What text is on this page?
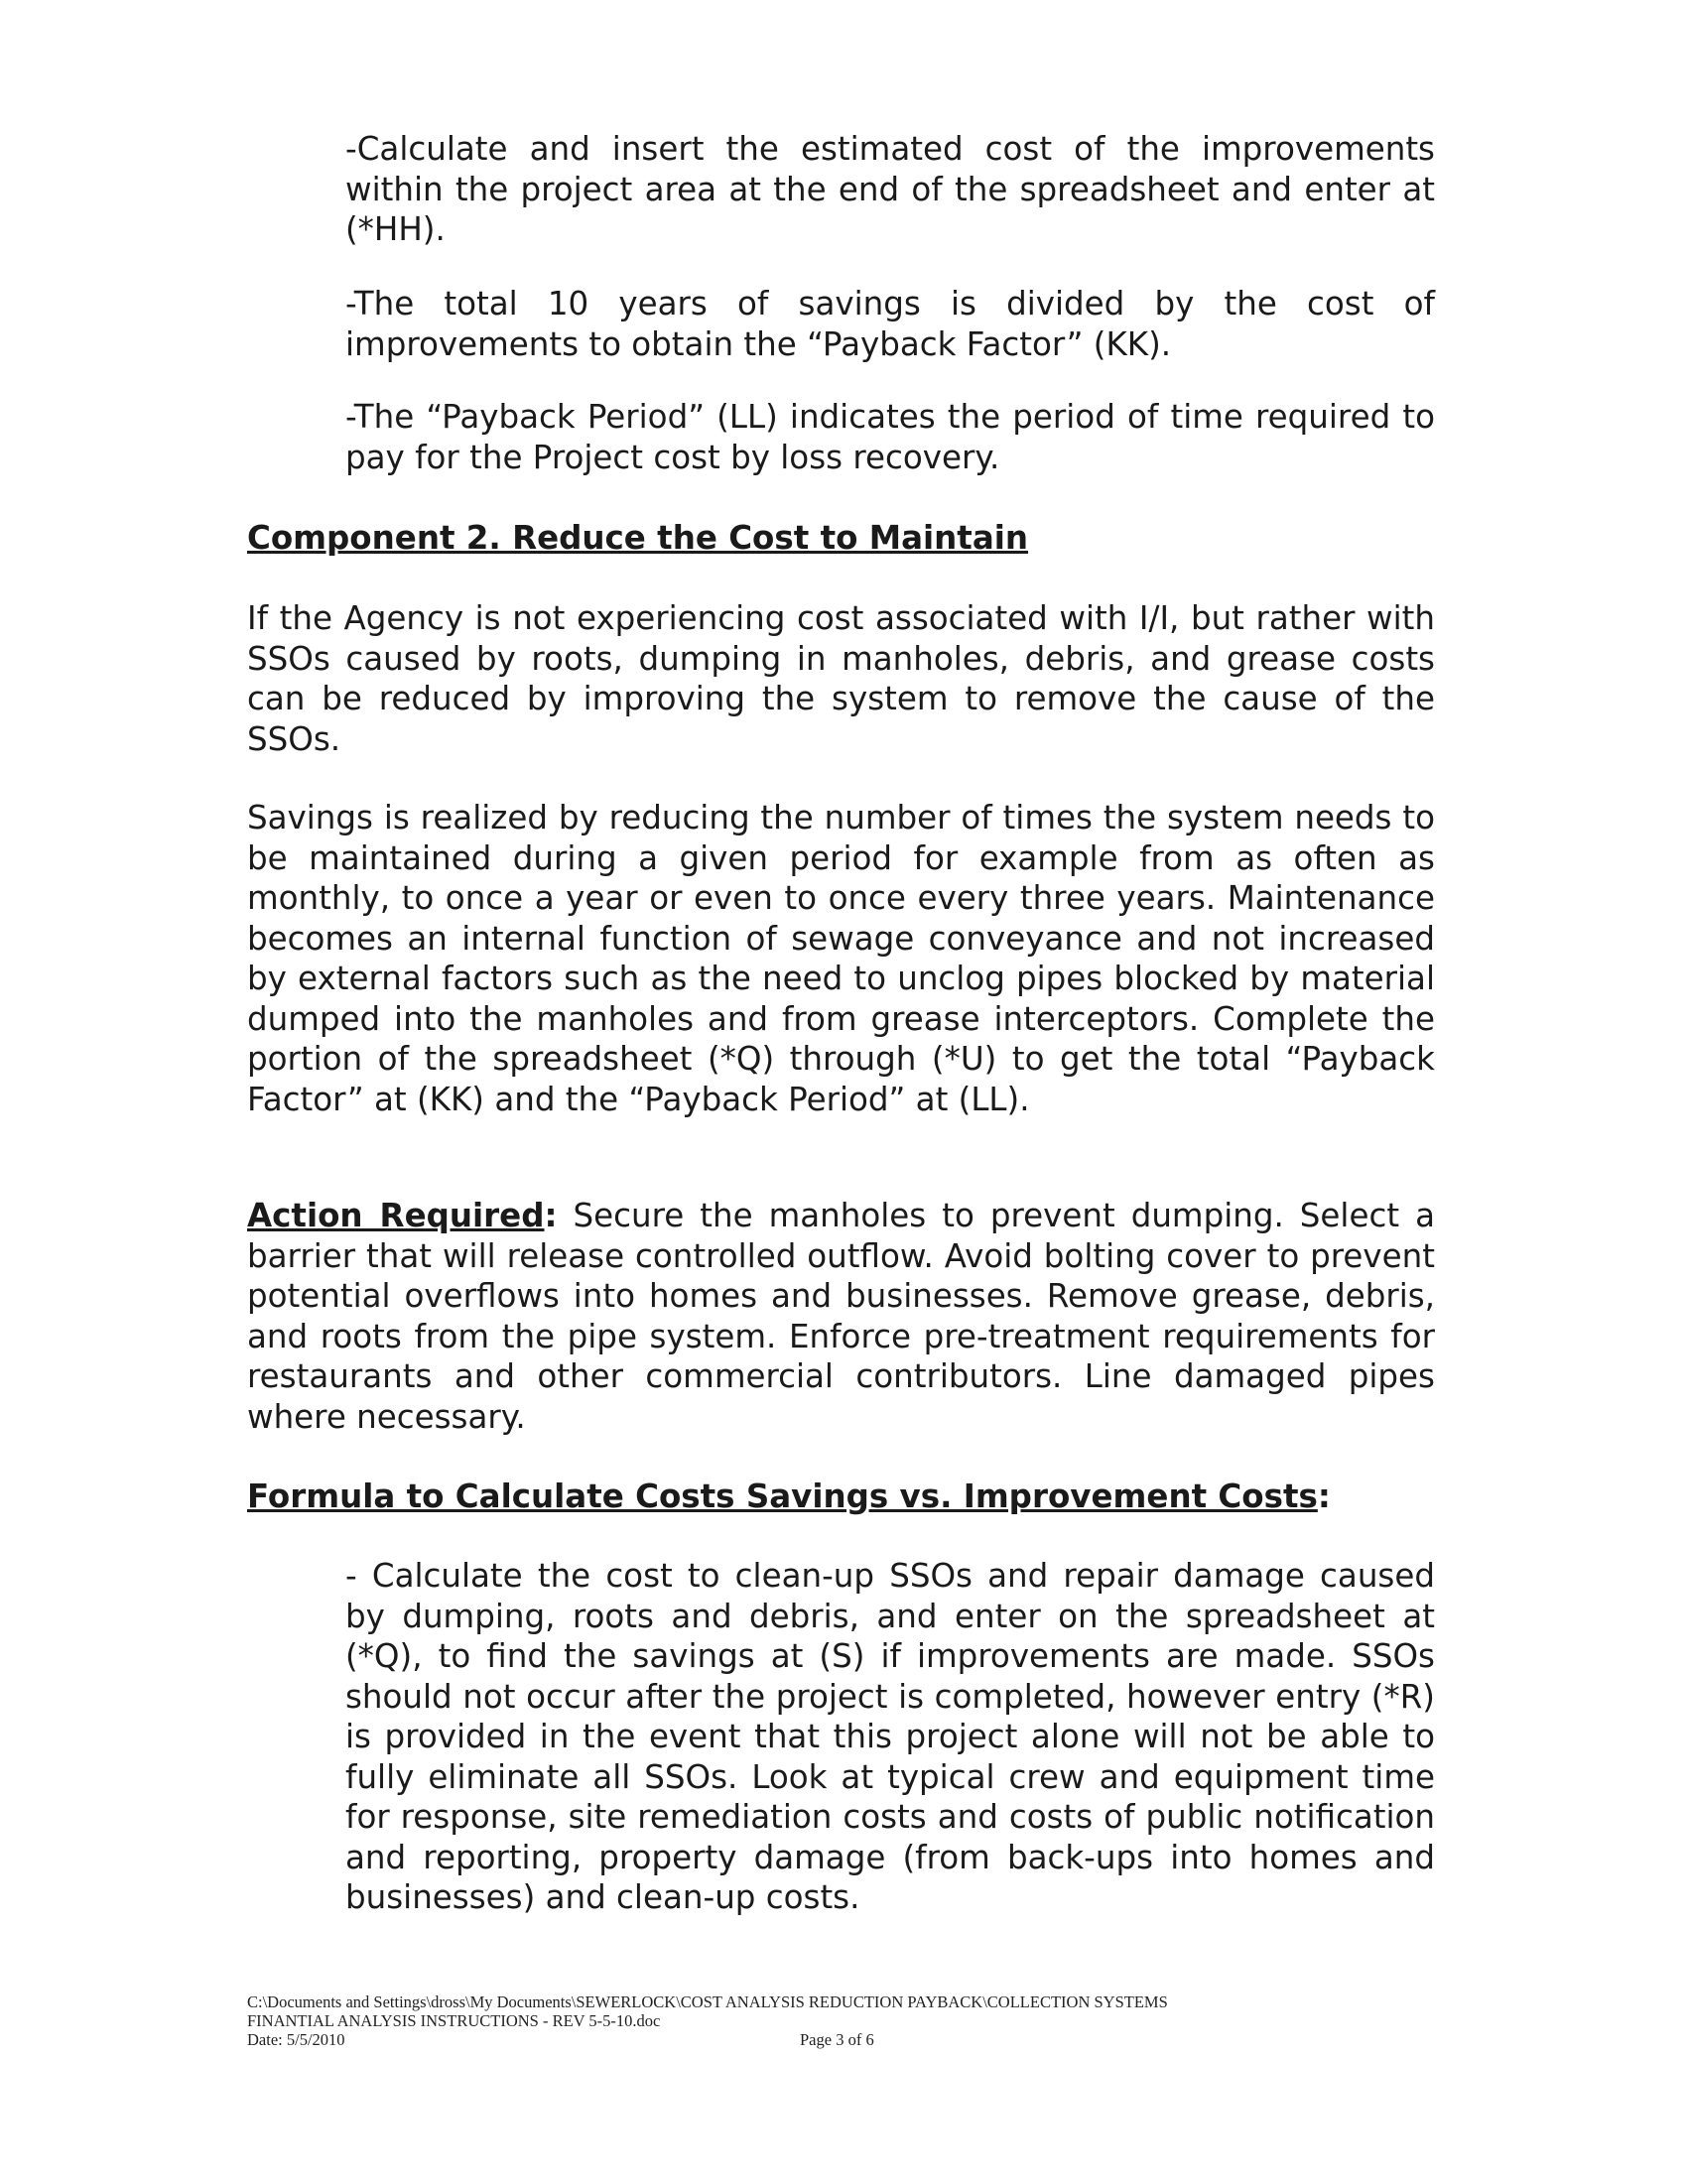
-Calculate and insert the estimated cost of the improvements within the project area at the end of the spreadsheet and enter at (*HH).

-The total 10 years of savings is divided by the cost of improvements to obtain the “Payback Factor” (KK).

-The “Payback Period” (LL) indicates the period of time required to pay for the Project cost by loss recovery.

Component 2. Reduce the Cost to Maintain

If the Agency is not experiencing cost associated with I/I, but rather with SSOs caused by roots, dumping in manholes, debris, and grease costs can be reduced by improving the system to remove the cause of the SSOs.

Savings is realized by reducing the number of times the system needs to be maintained during a given period for example from as often as monthly, to once a year or even to once every three years. Maintenance becomes an internal function of sewage conveyance and not increased by external factors such as the need to unclog pipes blocked by material dumped into the manholes and from grease interceptors. Complete the portion of the spreadsheet (*Q) through (*U) to get the total “Payback Factor” at (KK) and the “Payback Period” at (LL).

Action Required: Secure the manholes to prevent dumping. Select a barrier that will release controlled outflow. Avoid bolting cover to prevent potential overflows into homes and businesses. Remove grease, debris, and roots from the pipe system. Enforce pre-treatment requirements for restaurants and other commercial contributors. Line damaged pipes where necessary.

Formula to Calculate Costs Savings vs. Improvement Costs:

- Calculate the cost to clean-up SSOs and repair damage caused by dumping, roots and debris, and enter on the spreadsheet at (*Q), to find the savings at (S) if improvements are made. SSOs should not occur after the project is completed, however entry (*R) is provided in the event that this project alone will not be able to fully eliminate all SSOs. Look at typical crew and equipment time for response, site remediation costs and costs of public notification and reporting, property damage (from back-ups into homes and businesses) and clean-up costs.

C:\Documents and Settings\dross\My Documents\SEWERLOCK\COST ANALYSIS REDUCTION PAYBACK\COLLECTION SYSTEMS
FINANTIAL ANALYSIS INSTRUCTIONS - REV 5-5-10.doc
Date: 5/5/2010	Page 3 of 6
